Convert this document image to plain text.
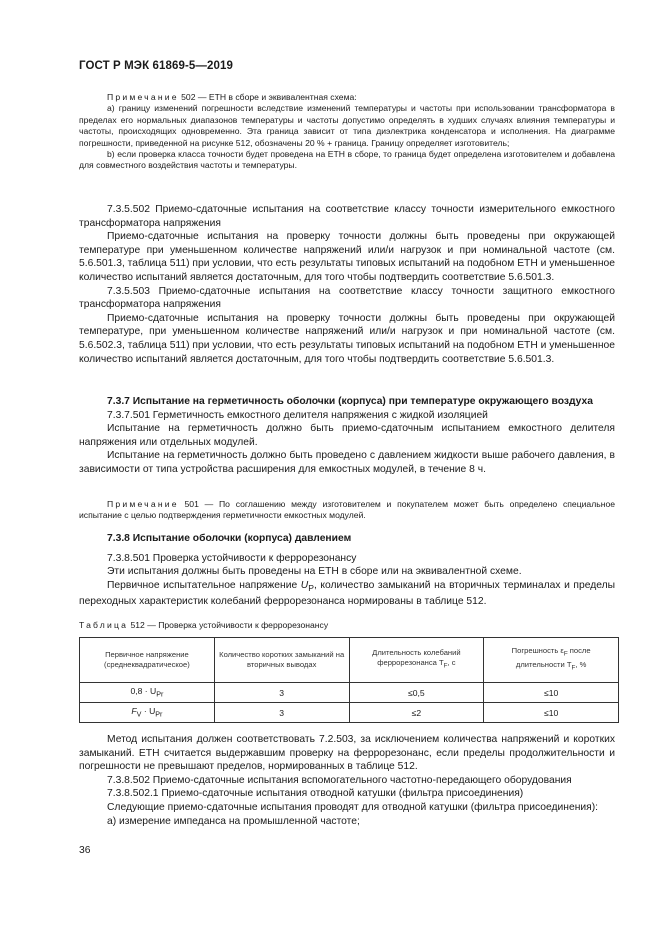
ГОСТ Р МЭК 61869-5—2019

Примечание 502 — ЕТН в сборе и эквивалентная схема:

a) границу изменений погрешности вследствие изменений температуры и частоты при использовании трансформатора в пределах его нормальных диапазонов температуры и частоты допустимо определять в худших случаях влияния температуры и частоты, происходящих одновременно. Эта граница зависит от типа диэлектрика конденсатора и исполнения. На диаграмме погрешности, приведенной на рисунке 512, обозначены 20 % + граница. Границу определяет изготовитель;

b) если проверка класса точности будет проведена на ЕТН в сборе, то граница будет определена изготовителем и добавлена для совместного воздействия частоты и температуры.

7.3.5.502 Приемо-сдаточные испытания на соответствие классу точности измерительного емкостного трансформатора напряжения

Приемо-сдаточные испытания на проверку точности должны быть проведены при окружающей температуре при уменьшенном количестве напряжений или/и нагрузок и при номинальной частоте (см. 5.6.501.3, таблица 511) при условии, что есть результаты типовых испытаний на подобном ЕТН и уменьшенное количество испытаний является достаточным, для того чтобы подтвердить соответствие 5.6.501.3.

7.3.5.503 Приемо-сдаточные испытания на соответствие классу точности защитного емкостного трансформатора напряжения

Приемо-сдаточные испытания на проверку точности должны быть проведены при окружающей температуре, при уменьшенном количестве напряжений или/и нагрузок и при номинальной частоте (см. 5.6.502.3, таблица 511) при условии, что есть результаты типовых испытаний на подобном ЕТН и уменьшенное количество испытаний является достаточным, для того чтобы подтвердить соответствие 5.6.501.3.

7.3.7 Испытание на герметичность оболочки (корпуса) при температуре окружающего воздуха

7.3.7.501 Герметичность емкостного делителя напряжения с жидкой изоляцией

Испытание на герметичность должно быть приемо-сдаточным испытанием емкостного делителя напряжения или отдельных модулей.

Испытание на герметичность должно быть проведено с давлением жидкости выше рабочего давления, в зависимости от типа устройства расширения для емкостных модулей, в течение 8 ч.

Примечание 501 — По соглашению между изготовителем и покупателем может быть определено специальное испытание с целью подтверждения герметичности емкостных модулей.

7.3.8 Испытание оболочки (корпуса) давлением

7.3.8.501 Проверка устойчивости к феррорезонансу

Эти испытания должны быть проведены на ЕТН в сборе или на эквивалентной схеме.

Первичное испытательное напряжение $U_P$, количество замыканий на вторичных терминалах и пределы переходных характеристик колебаний феррорезонанса нормированы в таблице 512.

Таблица 512 — Проверка устойчивости к феррорезонансу
Первичное напряжение (среднеквадратическое)	Количество коротких замыканий на вторичных выводах	Длительность колебаний феррорезонанса $T_F$, с	Погрешность $\varepsilon_F$ после длительности $T_F$, %
$0,8 \cdot U_{Pr}$	3	≤0,5	≤10
$F_V \cdot U_{Pr}$	3	≤2	≤10

Метод испытания должен соответствовать 7.2.503, за исключением количества напряжений и коротких замыканий. ЕТН считается выдержавшим проверку на феррорезонанс, если пределы продолжительности и погрешности не превышают пределов, нормированных в таблице 512.

7.3.8.502 Приемо-сдаточные испытания вспомогательного частотно-передающего оборудования

7.3.8.502.1 Приемо-сдаточные испытания отводной катушки (фильтра присоединения)

Следующие приемо-сдаточные испытания проводят для отводной катушки (фильтра присоединения):

a) измерение импеданса на промышленной частоте;

36
